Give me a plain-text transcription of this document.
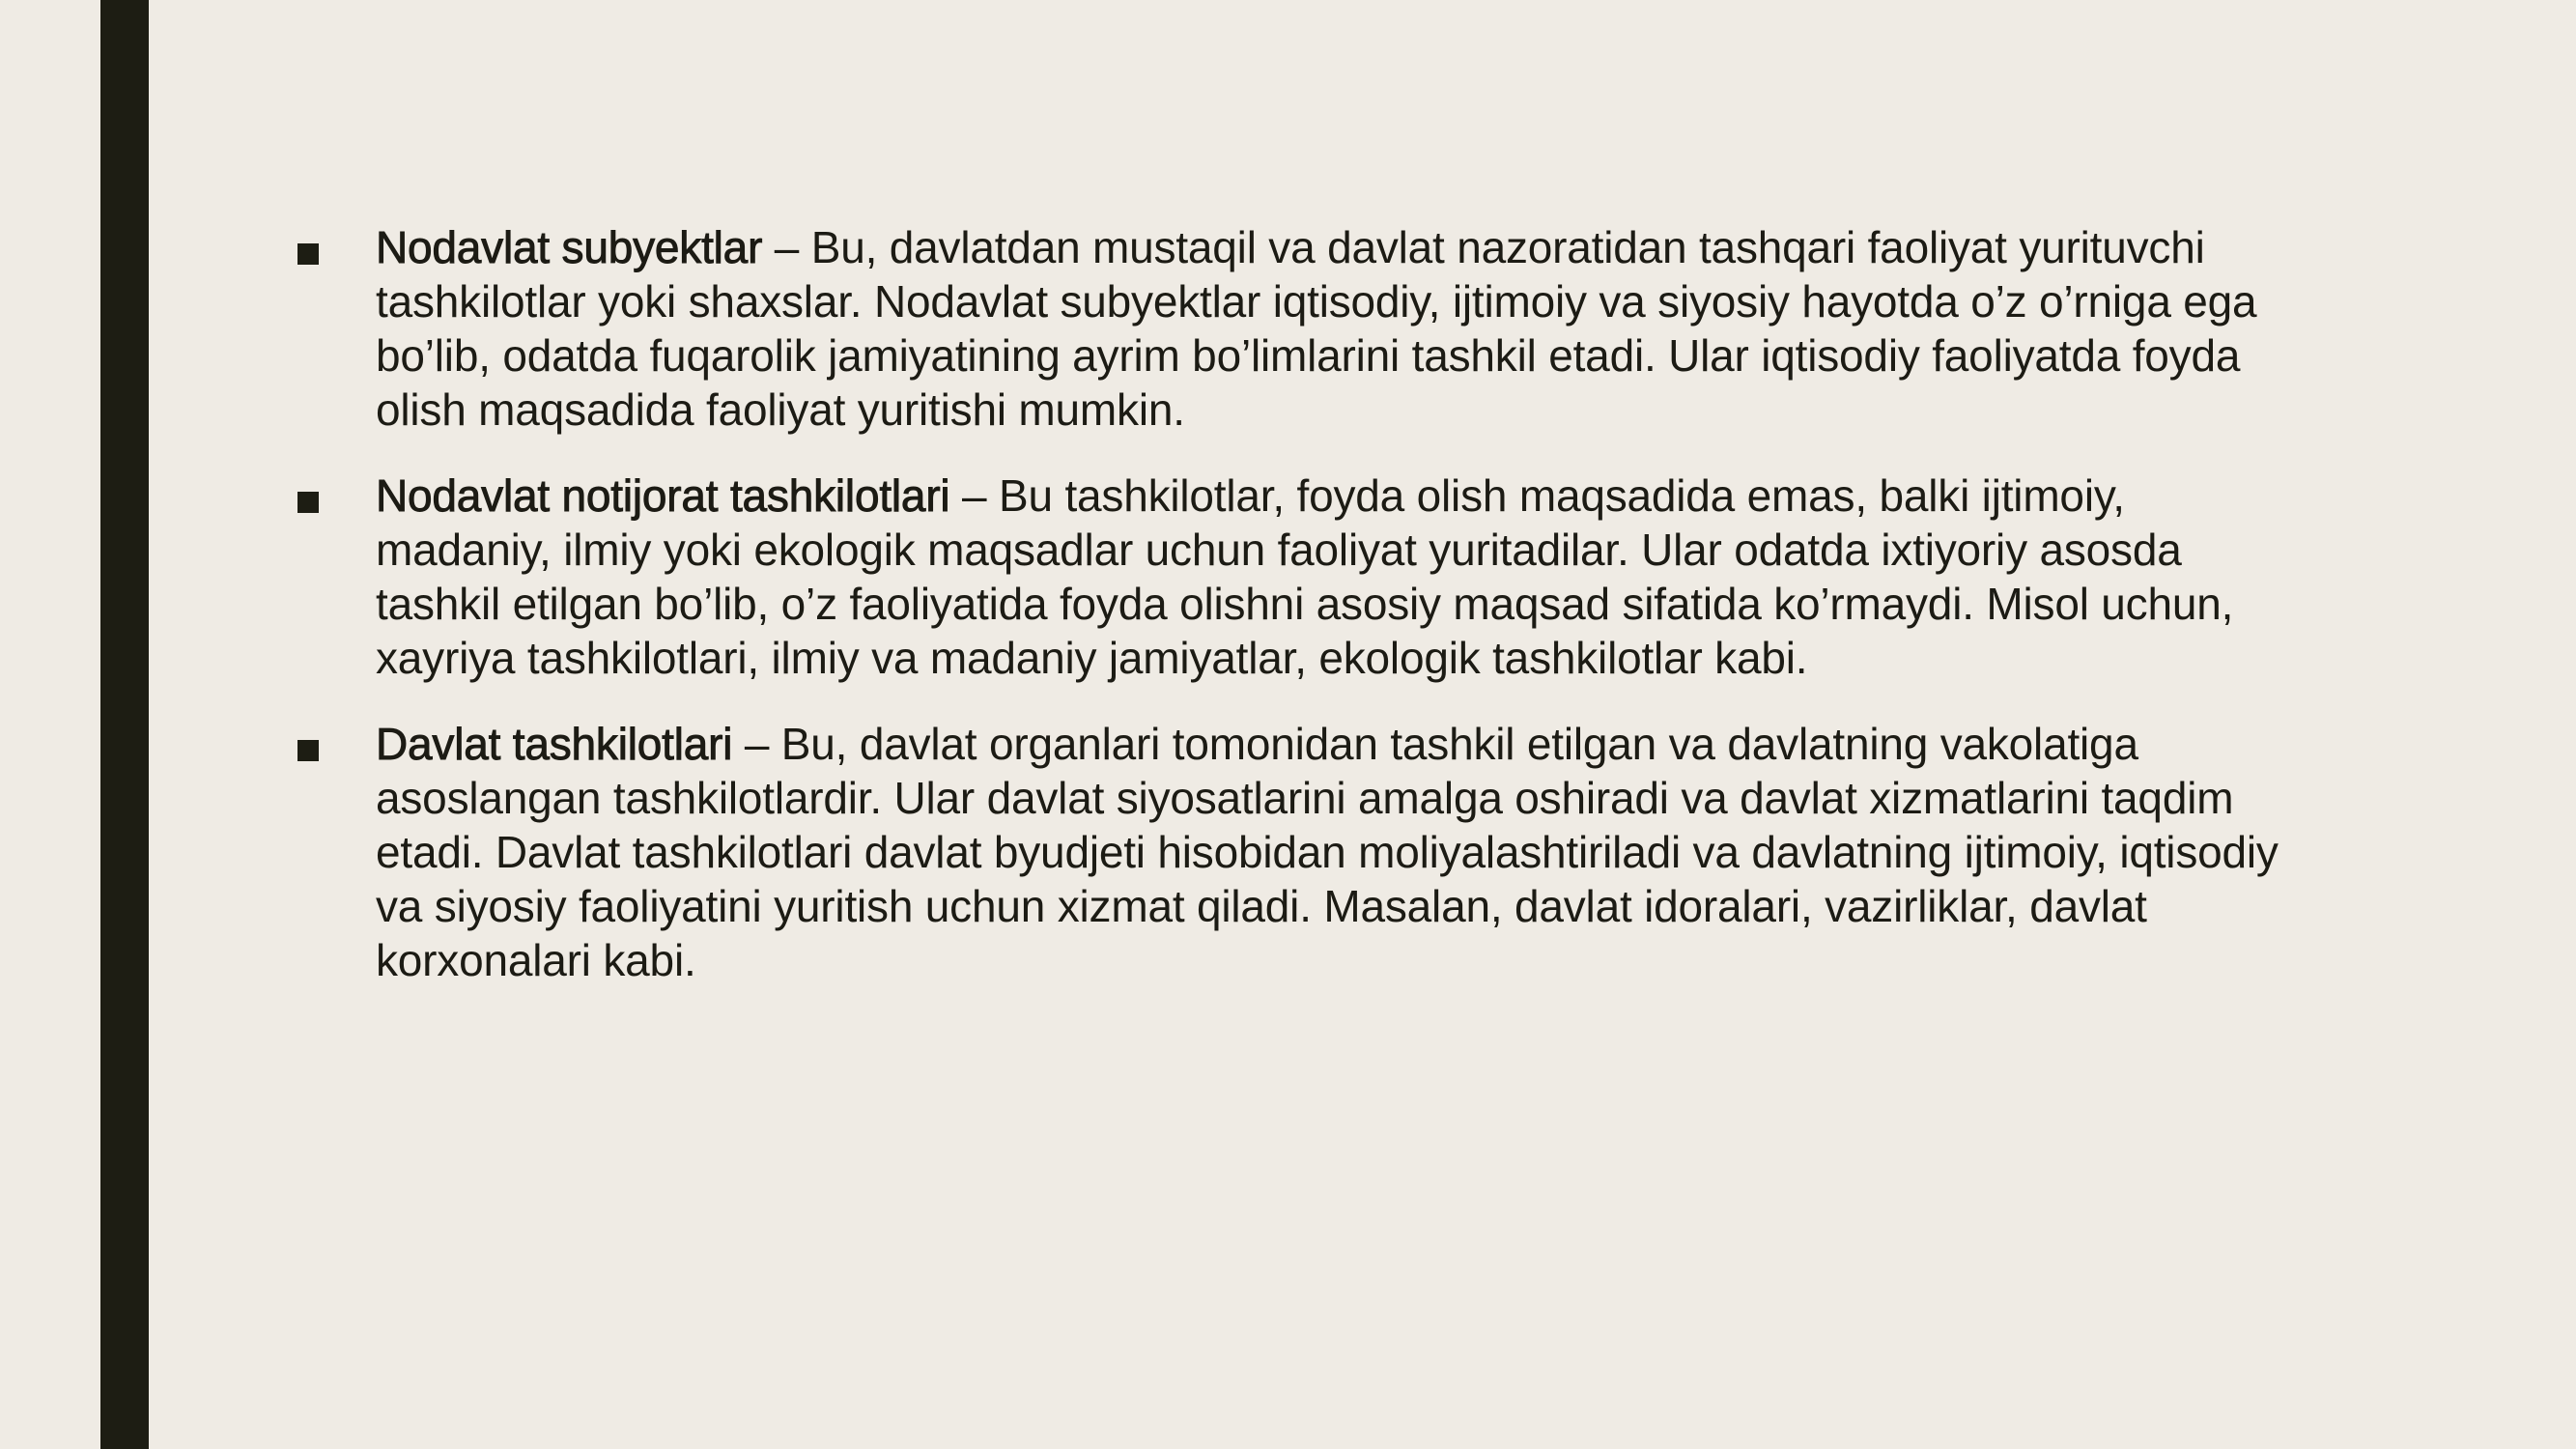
Nodavlat subyektlar – Bu, davlatdan mustaqil va davlat nazoratidan tashqari faoliyat yurituvchi tashkilotlar yoki shaxslar. Nodavlat subyektlar iqtisodiy, ijtimoiy va siyosiy hayotda o’z o’rniga ega bo’lib, odatda fuqarolik jamiyatining ayrim bo’limlarini tashkil etadi. Ular iqtisodiy faoliyatda foyda olish maqsadida faoliyat yuritishi mumkin.
Nodavlat notijorat tashkilotlari – Bu tashkilotlar, foyda olish maqsadida emas, balki ijtimoiy, madaniy, ilmiy yoki ekologik maqsadlar uchun faoliyat yuritadilar. Ular odatda ixtiyoriy asosda tashkil etilgan bo’lib, o’z faoliyatida foyda olishni asosiy maqsad sifatida ko’rmaydi. Misol uchun, xayriya tashkilotlari, ilmiy va madaniy jamiyatlar, ekologik tashkilotlar kabi.
Davlat tashkilotlari – Bu, davlat organlari tomonidan tashkil etilgan va davlatning vakolatiga asoslangan tashkilotlardir. Ular davlat siyosatlarini amalga oshiradi va davlat xizmatlarini taqdim etadi. Davlat tashkilotlari davlat byudjeti hisobidan moliyalashtiriladi va davlatning ijtimoiy, iqtisodiy va siyosiy faoliyatini yuritish uchun xizmat qiladi. Masalan, davlat idoralari, vazirliklar, davlat korxonalari kabi.
